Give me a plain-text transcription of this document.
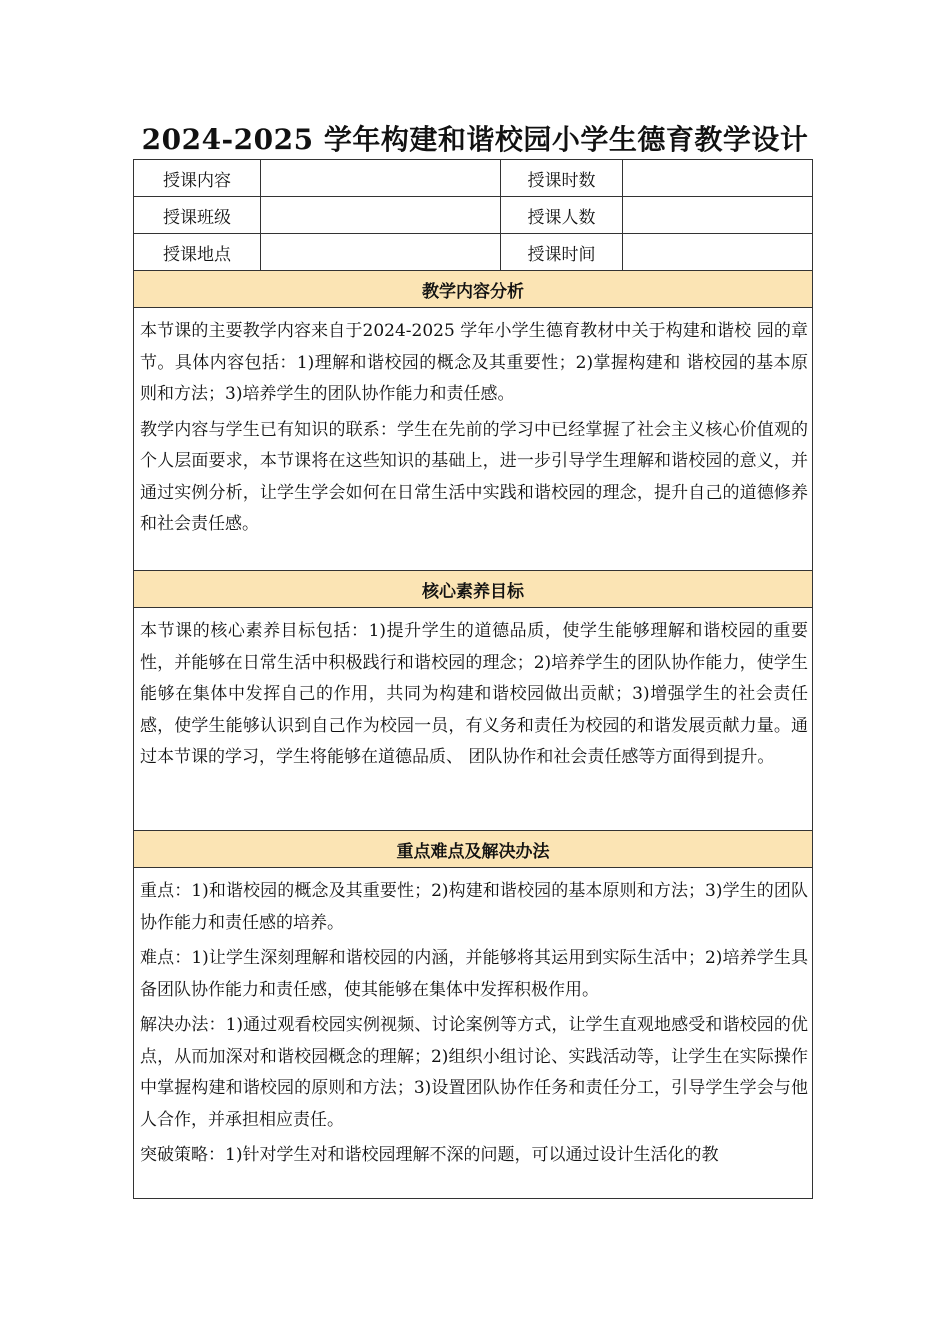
2024-2025 学年构建和谐校园小学生德育教学设计
授课内容		授课时数	
授课班级		授课人数	
授课地点		授课时间	
教学内容分析			

本节课的主要教学内容来自于2024-2025 学年小学生德育教材中关于构建和谐校 园的章节。具体内容包括：1)理解和谐校园的概念及其重要性；2)掌握构建和 谐校园的基本原则和方法；3)培养学生的团队协作能力和责任感。

教学内容与学生已有知识的联系：学生在先前的学习中已经掌握了社会主义核心价值观的个人层面要求，本节课将在这些知识的基础上，进一步引导学生理解和谐校园的意义，并通过实例分析，让学生学会如何在日常生活中实践和谐校园的理念，提升自己的道德修养和社会责任感。			

核心素养目标			

本节课的核心素养目标包括：1)提升学生的道德品质，使学生能够理解和谐校园的重要性，并能够在日常生活中积极践行和谐校园的理念；2)培养学生的团队协作能力，使学生能够在集体中发挥自己的作用，共同为构建和谐校园做出贡献；3)增强学生的社会责任感，使学生能够认识到自己作为校园一员，有义务和责任为校园的和谐发展贡献力量。通过本节课的学习，学生将能够在道德品质、 团队协作和社会责任感等方面得到提升。			

重点难点及解决办法			

重点：1)和谐校园的概念及其重要性；2)构建和谐校园的基本原则和方法；3)学生的团队协作能力和责任感的培养。

难点：1)让学生深刻理解和谐校园的内涵，并能够将其运用到实际生活中；2)培养学生具备团队协作能力和责任感，使其能够在集体中发挥积极作用。

解决办法：1)通过观看校园实例视频、讨论案例等方式，让学生直观地感受和谐校园的优点，从而加深对和谐校园概念的理解；2)组织小组讨论、实践活动等，让学生在实际操作中掌握构建和谐校园的原则和方法；3)设置团队协作任务和责任分工，引导学生学会与他人合作，并承担相应责任。

突破策略：1)针对学生对和谐校园理解不深的问题，可以通过设计生活化的教			
